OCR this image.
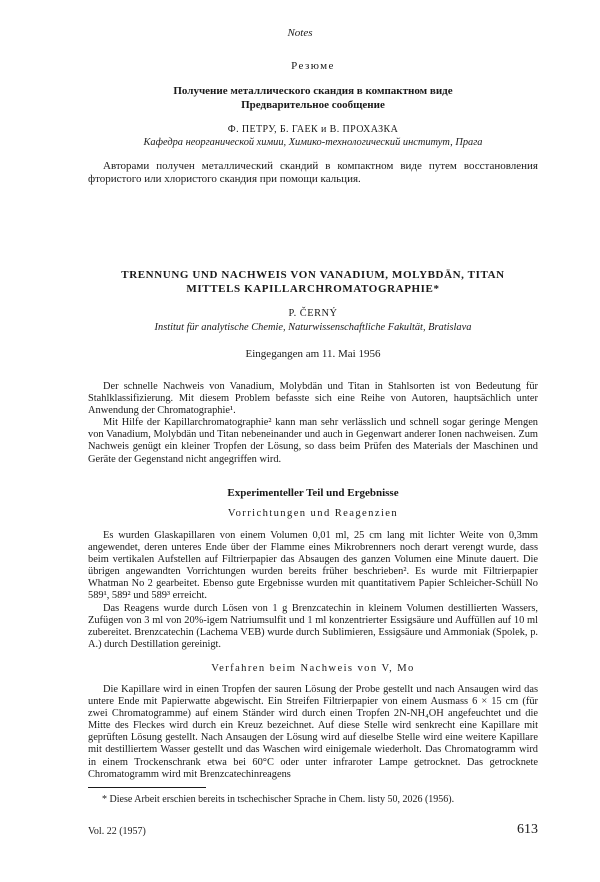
Notes
Резюме
Получение металлического скандия в компактном виде
Предварительное сообщение
Ф. ПЕТРУ, Б. ГАЕК и В. ПРОХАЗКА
Кафедра неорганической химии, Химико-технологический институт, Прага

Авторами получен металлический скандий в компактном виде путем восстановления фтористого или хлористого скандия при помощи кальция.

TRENNUNG UND NACHWEIS VON VANADIUM, MOLYBDÄN, TITAN
MITTELS KAPILLARCHROMATOGRAPHIE*
P. ČERNÝ
Institut für analytische Chemie, Naturwissenschaftliche Fakultät, Bratislava
Eingegangen am 11. Mai 1956

Der schnelle Nachweis von Vanadium, Molybdän und Titan in Stahlsorten ist von Bedeutung für Stahlklassifizierung. Mit diesem Problem befasste sich eine Reihe von Autoren, hauptsächlich unter Anwendung der Chromatographie¹.

Mit Hilfe der Kapillarchromatographie² kann man sehr verlässlich und schnell sogar geringe Mengen von Vanadium, Molybdän und Titan nebeneinander und auch in Gegenwart anderer Ionen nachweisen. Zum Nachweis genügt ein kleiner Tropfen der Lösung, so dass beim Prüfen des Materials der Maschinen und Geräte der Gegenstand nicht angegriffen wird.

Experimenteller Teil und Ergebnisse
Vorrichtungen und Reagenzien

Es wurden Glaskapillaren von einem Volumen 0,01 ml, 25 cm lang mit lichter Weite von 0,3mm angewendet, deren unteres Ende über der Flamme eines Mikrobrenners noch derart verengt wurde, dass beim vertikalen Aufstellen auf Filtrierpapier das Absaugen des ganzen Volumen eine Minute dauert. Die übrigen angewandten Vorrichtungen wurden bereits früher beschrieben². Es wurde mit Filtrierpapier Whatman No 2 gearbeitet. Ebenso gute Ergebnisse wurden mit quantitativem Papier Schleicher-Schüll No 589¹, 589² und 589³ erreicht.

Das Reagens wurde durch Lösen von 1 g Brenzcatechin in kleinem Volumen destillierten Wassers, Zufügen von 3 ml von 20%-igem Natriumsulfit und 1 ml konzentrierter Essigsäure und Auffüllen auf 10 ml zubereitet. Brenzcatechin (Lachema VEB) wurde durch Sublimieren, Essigsäure und Ammoniak (Spolek, p. A.) durch Destillation gereinigt.

Verfahren beim Nachweis von V, Mo

Die Kapillare wird in einen Tropfen der sauren Lösung der Probe gestellt und nach Ansaugen wird das untere Ende mit Papierwatte abgewischt. Ein Streifen Filtrierpapier von einem Ausmass 6 × 15 cm (für zwei Chromatogramme) auf einem Ständer wird durch einen Tropfen 2N-NH₄OH angefeuchtet und die Mitte des Fleckes wird durch ein Kreuz bezeichnet. Auf diese Stelle wird senkrecht eine Kapillare mit geprüften Lösung gestellt. Nach Ansaugen der Lösung wird auf dieselbe Stelle wird eine weitere Kapillare mit destilliertem Wasser gestellt und das Waschen wird einigemale wiederholt. Das Chromatogramm wird in einem Trockenschrank etwa bei 60°C oder unter infraroter Lampe getrocknet. Das getrocknete Chromatogramm wird mit Brenzcatechinreagens

* Diese Arbeit erschien bereits in tschechischer Sprache in Chem. listy 50, 2026 (1956).
Vol. 22 (1957)	613
